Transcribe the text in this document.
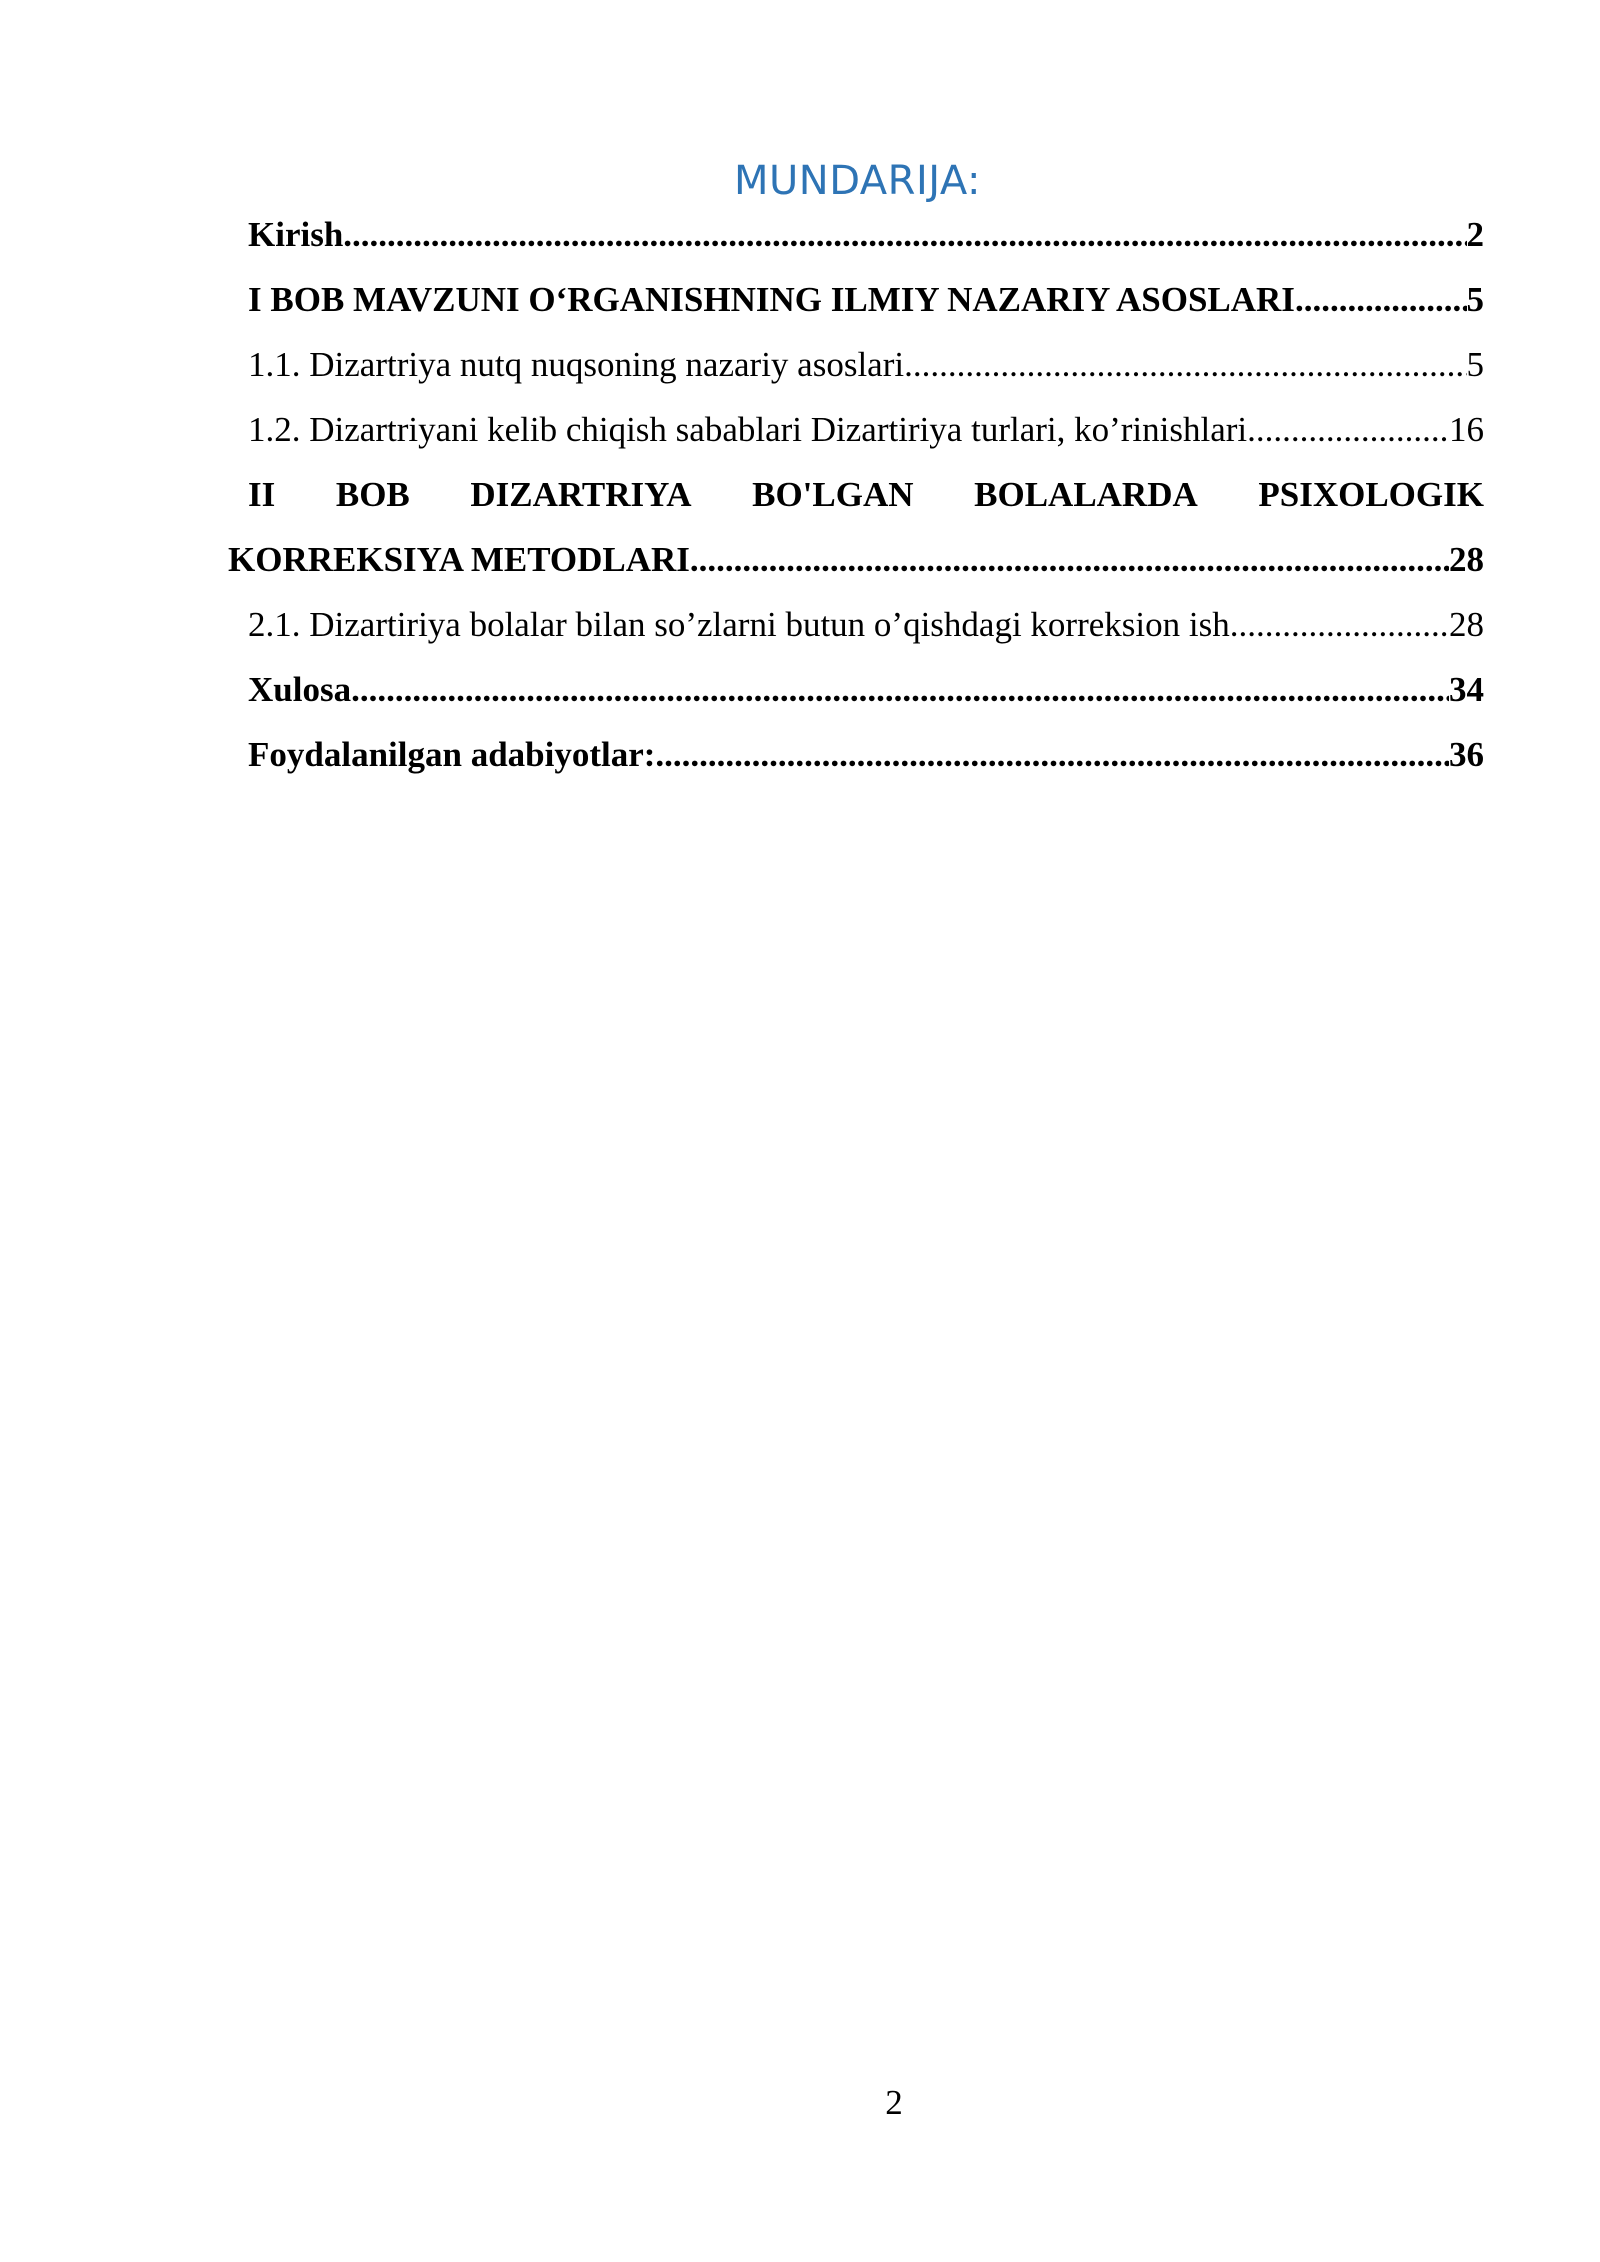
MUNDARIJA:
Kirish .....	2
I BOB MAVZUNI O‘RGANISHNING ILMIY NAZARIY ASOSLARI .....	5
1.1. Dizartriya nutq nuqsoning nazariy asoslari .....	5
1.2. Dizartriyani kelib chiqish sabablari Dizartiriya turlari, ko’rinishlari .....	16
II BOB DIZARTRIYA BO'LGAN BOLALARDA PSIXOLOGIK
KORREKSIYA METODLARI .....	28
2.1. Dizartiriya bolalar bilan so’zlarni butun o’qishdagi korreksion ish .....	28
Xulosa .....	34
Foydalanilgan adabiyotlar: .....	36
2
